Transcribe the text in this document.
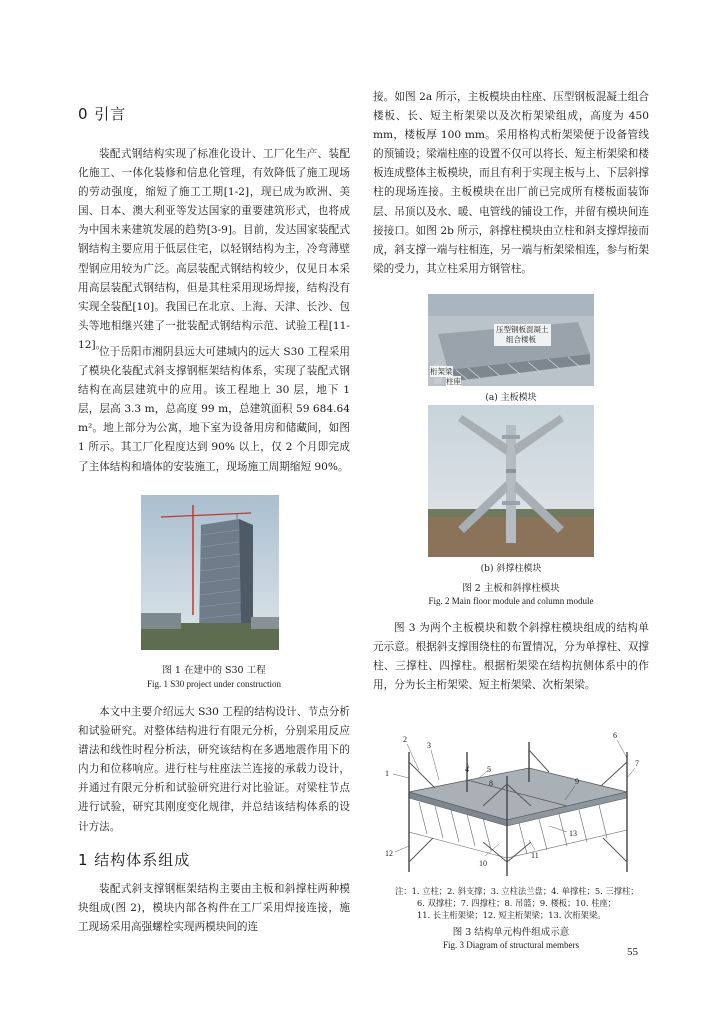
0 引言

装配式钢结构实现了标准化设计、工厂化生产、装配化施工、一体化装修和信息化管理，有效降低了施工现场的劳动强度，缩短了施工工期[1-2]，现已成为欧洲、美国、日本、澳大利亚等发达国家的重要建筑形式，也将成为中国未来建筑发展的趋势[3-9]。目前，发达国家装配式钢结构主要应用于低层住宅，以轻钢结构为主，冷弯薄壁型钢应用较为广泛。高层装配式钢结构较少，仅见日本采用高层装配式钢结构，但是其柱采用现场焊接，结构没有实现全装配[10]。我国已在北京、上海、天津、长沙、包头等地相继兴建了一批装配式钢结构示范、试验工程[11-12]。

位于岳阳市湘阴县远大可建城内的远大 S30 工程采用了模块化装配式斜支撑钢框架结构体系，实现了装配式钢结构在高层建筑中的应用。该工程地上 30 层，地下 1 层，层高 3.3 m，总高度 99 m，总建筑面积 59 684.64 m²。地上部分为公寓，地下室为设备用房和储藏间，如图 1 所示。其工厂化程度达到 90% 以上，仅 2 个月即完成了主体结构和墙体的安装施工，现场施工周期缩短 90%。

图 1 在建中的 S30 工程
Fig. 1 S30 project under construction

本文中主要介绍远大 S30 工程的结构设计、节点分析和试验研究。对整体结构进行有限元分析，分别采用反应谱法和线性时程分析法，研究该结构在多遇地震作用下的内力和位移响应。进行柱与柱座法兰连接的承载力设计，并通过有限元分析和试验研究进行对比验证。对梁柱节点进行试验，研究其刚度变化规律，并总结该结构体系的设计方法。

1 结构体系组成

装配式斜支撑钢框架结构主要由主板和斜撑柱两种模块组成(图 2)，模块内部各构件在工厂采用焊接连接，施工现场采用高强螺栓实现两模块间的连

接。如图 2a 所示，主板模块由柱座、压型钢板混凝土组合楼板、长、短主桁架梁以及次桁架梁组成，高度为 450 mm，楼板厚 100 mm。采用格构式桁架梁便于设备管线的预铺设；梁端柱座的设置不仅可以将长、短主桁架梁和楼板连成整体主板模块，而且有利于实现主板与上、下层斜撑柱的现场连接。主板模块在出厂前已完成所有楼板面装饰层、吊顶以及水、暖、电管线的铺设工作，并留有模块间连接接口。如图 2b 所示，斜撑柱模块由立柱和斜支撑焊接而成，斜支撑一端与柱相连，另一端与桁架梁相连，参与桁架梁的受力，其立柱采用方钢管柱。

压型钢板混凝土
组合楼板
桁架梁
柱座
(a) 主板模块
(b) 斜撑柱模块
图 2 主板和斜撑柱模块
Fig. 2 Main floor module and column module

图 3 为两个主板模块和数个斜撑柱模块组成的结构单元示意。根据斜支撑围绕柱的布置情况，分为单撑柱、双撑柱、三撑柱、四撑柱。根据桁架梁在结构抗侧体系中的作用，分为长主桁架梁、短主桁架梁、次桁架梁。

1
2
3
4 5
6
7
8	9
10
11
12
13
注：1. 立柱；2. 斜支撑；3. 立柱法兰盘；4. 单撑柱；5. 三撑柱；
6. 双撑柱；7. 四撑柱；8. 吊篮；9. 楼板；10. 柱座；
11. 长主桁架梁；12. 短主桁架梁；13. 次桁架梁。
图 3 结构单元构件组成示意
Fig. 3 Diagram of structural members
55
